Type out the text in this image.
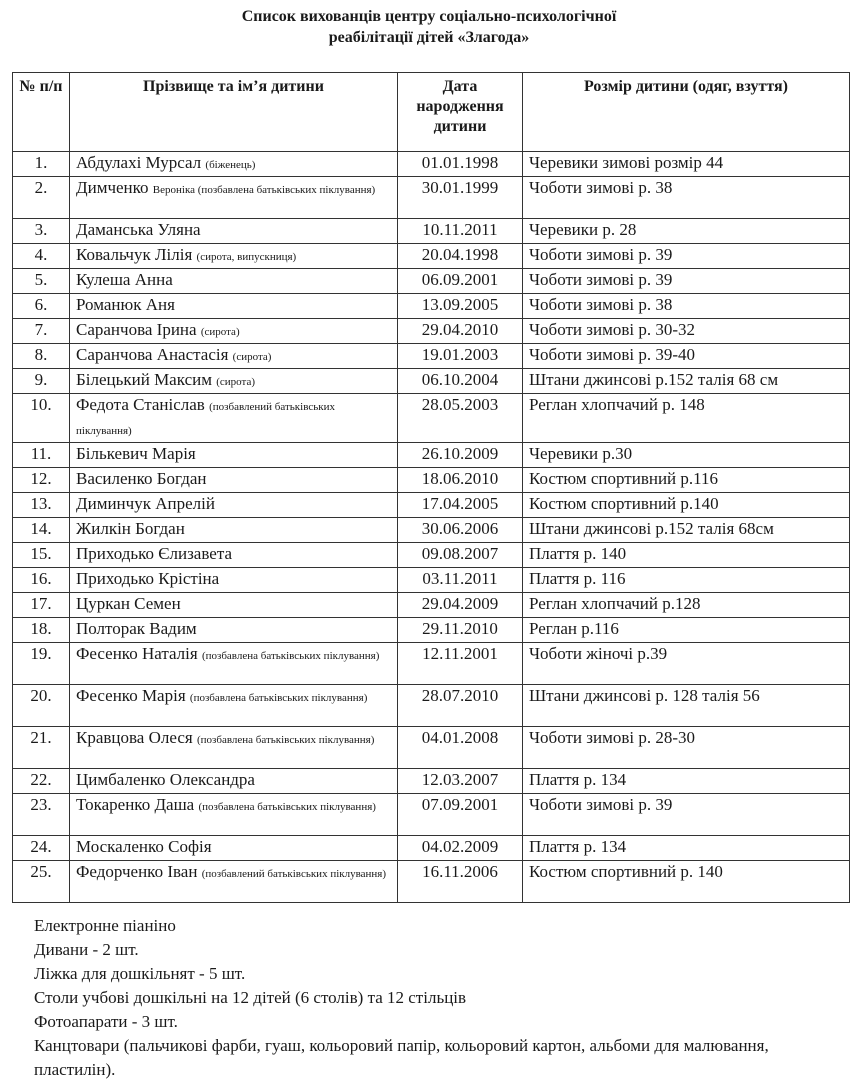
Список вихованців центру соціально-психологічної
реабілітації дітей «Злагода»
№ п/п	Прізвище та ім’я дитини	Дата народження дитини	Розмір дитини (одяг, взуття)
1.	Абдулахі Мурсал (біженець)	01.01.1998	Черевики зимові розмір 44
2.	Димченко Вероніка (позбавлена батьківських піклування)	30.01.1999	Чоботи зимові р. 38
3.	Даманська Уляна	10.11.2011	Черевики р. 28
4.	Ковальчук Лілія (сирота, випускниця)	20.04.1998	Чоботи зимові р. 39
5.	Кулеша Анна	06.09.2001	Чоботи зимові р. 39
6.	Романюк Аня	13.09.2005	Чоботи зимові р. 38
7.	Саранчова Ірина (сирота)	29.04.2010	Чоботи зимові р. 30-32
8.	Саранчова Анастасія (сирота)	19.01.2003	Чоботи зимові р. 39-40
9.	Білецький Максим (сирота)	06.10.2004	Штани джинсові р.152 талія 68 см
10.	Федота Станіслав (позбавлений батьківських піклування)	28.05.2003	Реглан хлопчачий р. 148
11.	Бількевич Марія	26.10.2009	Черевики р.30
12.	Василенко Богдан	18.06.2010	Костюм спортивний р.116
13.	Диминчук Апрелій	17.04.2005	Костюм спортивний р.140
14.	Жилкін Богдан	30.06.2006	Штани джинсові р.152 талія 68см
15.	Приходько Єлизавета	09.08.2007	Плаття р. 140
16.	Приходько Крістіна	03.11.2011	Плаття р. 116
17.	Цуркан Семен	29.04.2009	Реглан хлопчачий р.128
18.	Полторак Вадим	29.11.2010	Реглан р.116
19.	Фесенко Наталія (позбавлена батьківських піклування)	12.11.2001	Чоботи жіночі р.39
20.	Фесенко Марія (позбавлена батьківських піклування)	28.07.2010	Штани джинсові р. 128 талія 56
21.	Кравцова Олеся (позбавлена батьківських піклування)	04.01.2008	Чоботи зимові р. 28-30
22.	Цимбаленко Олександра	12.03.2007	Плаття р. 134
23.	Токаренко Даша (позбавлена батьківських піклування)	07.09.2001	Чоботи зимові р. 39
24.	Москаленко Софія	04.02.2009	Плаття р. 134
25.	Федорченко Іван (позбавлений батьківських піклування)	16.11.2006	Костюм спортивний р. 140
Електронне піаніно
Дивани - 2 шт.
Ліжка для дошкільнят - 5 шт.
Столи учбові дошкільні на 12 дітей (6 столів) та 12 стільців
Фотоапарати - 3 шт.
Канцтовари (пальчикові фарби, гуаш, кольоровий папір, кольоровий картон, альбоми для малювання, пластилін).
